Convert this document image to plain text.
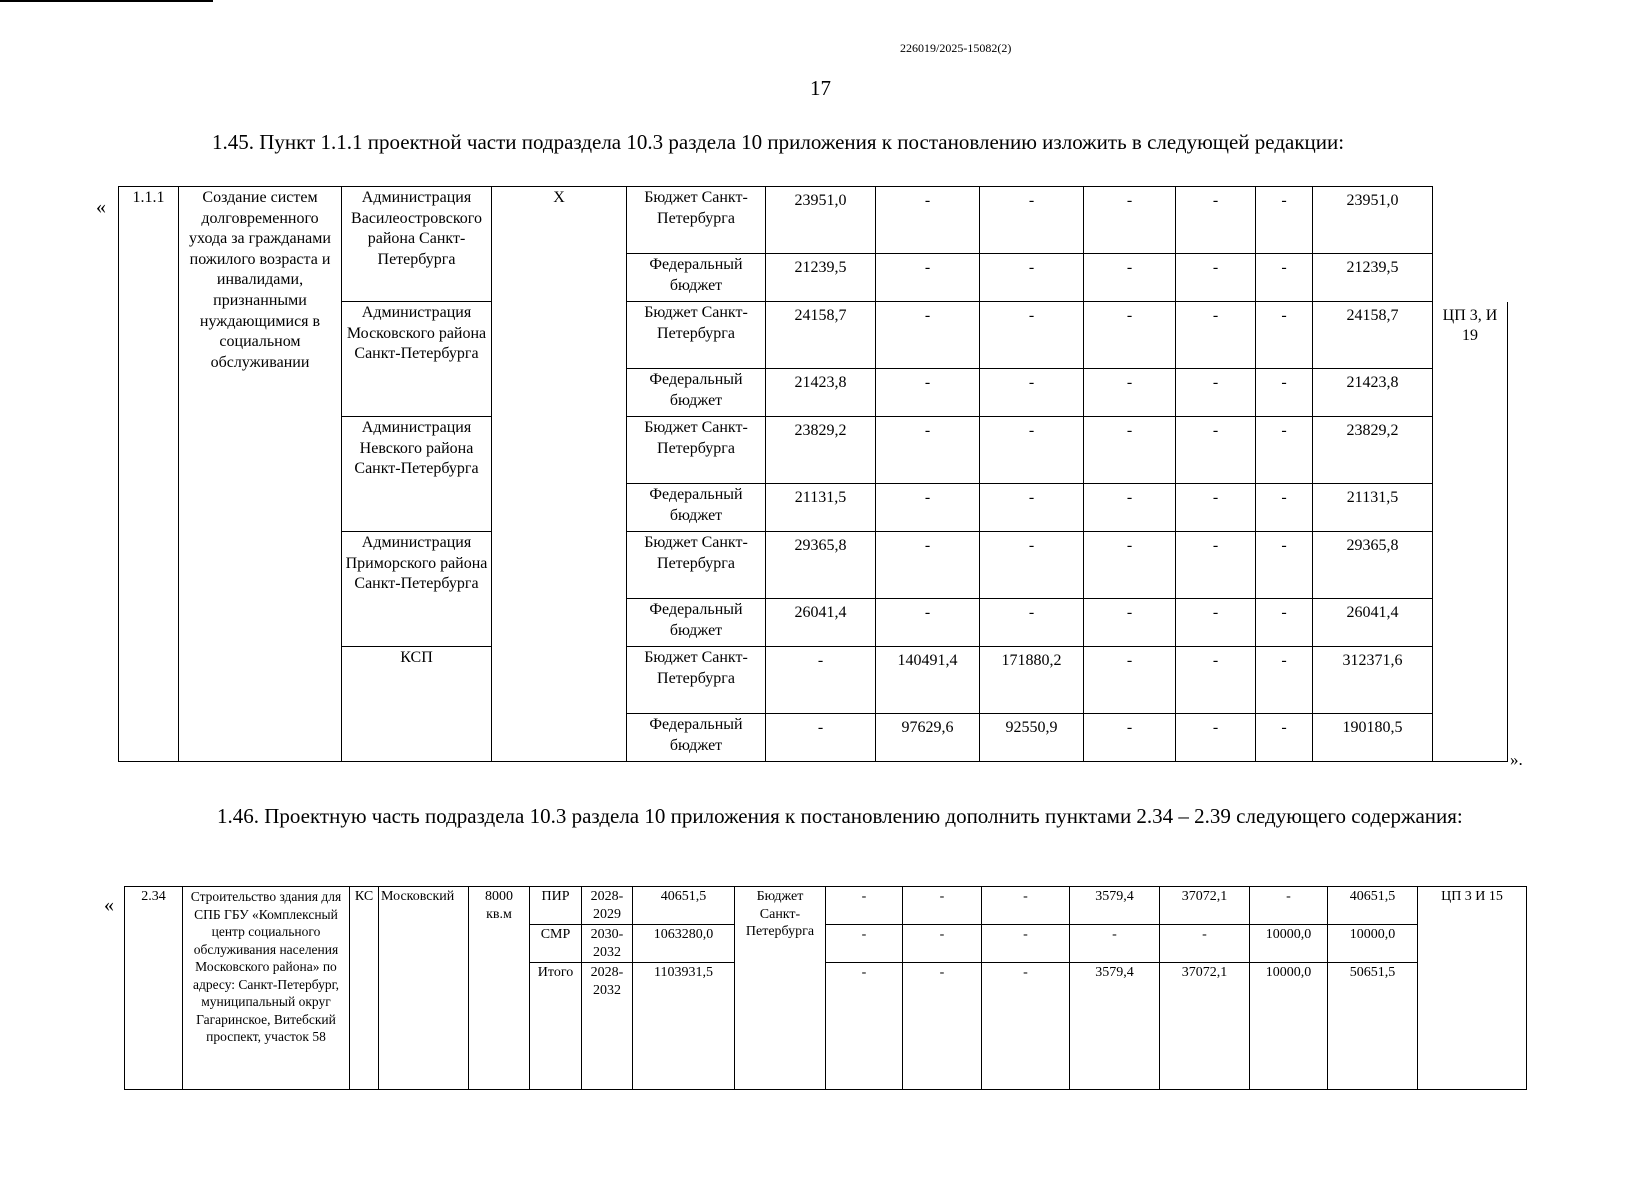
226019/2025-15082(2)
17
1.45. Пункт 1.1.1 проектной части подраздела 10.3 раздела 10 приложения к постановлению изложить в следующей редакции:
« 1.1.1	Создание систем долговременного ухода за гражданами пожилого возраста и инвалидами, признанными нуждающимися в социальном обслуживании	Администрация Василеостровского района Санкт-Петербурга	Х	Бюджет Санкт-Петербурга	23951,0	-	-	-	-	-	23951,0	
				Федеральный бюджет	21239,5	-	-	-	-	-	21239,5	
		Администрация Московского района Санкт-Петербурга		Бюджет Санкт-Петербурга	24158,7	-	-	-	-	-	24158,7	ЦП 3, И 19
				Федеральный бюджет	21423,8	-	-	-	-	-	21423,8	
		Администрация Невского района Санкт-Петербурга		Бюджет Санкт-Петербурга	23829,2	-	-	-	-	-	23829,2	
				Федеральный бюджет	21131,5	-	-	-	-	-	21131,5	
		Администрация Приморского района Санкт-Петербурга		Бюджет Санкт-Петербурга	29365,8	-	-	-	-	-	29365,8	
				Федеральный бюджет	26041,4	-	-	-	-	-	26041,4	
		КСП		Бюджет Санкт-Петербурга	-	140491,4	171880,2	-	-	-	312371,6	
				Федеральный бюджет	-	97629,6	92550,9	-	-	-	190180,5	
».
1.46. Проектную часть подраздела 10.3 раздела 10 приложения к постановлению дополнить пунктами 2.34 – 2.39 следующего содержания:
« 2.34	Строительство здания для СПБ ГБУ «Комплексный центр социального обслуживания населения Московского района» по адресу: Санкт-Петербург, муниципальный округ Гагаринское, Витебский проспект, участок 58	КС	Московский	8000 кв.м	ПИР	2028-2029	40651,5	Бюджет Санкт-Петербурга	-	-	-	3579,4	37072,1	-	40651,5	ЦП 3 И 15
					СМР	2030-2032	1063280,0		-	-	-	-	-	10000,0	10000,0	
					Итого	2028-2032	1103931,5		-	-	-	3579,4	37072,1	10000,0	50651,5	
